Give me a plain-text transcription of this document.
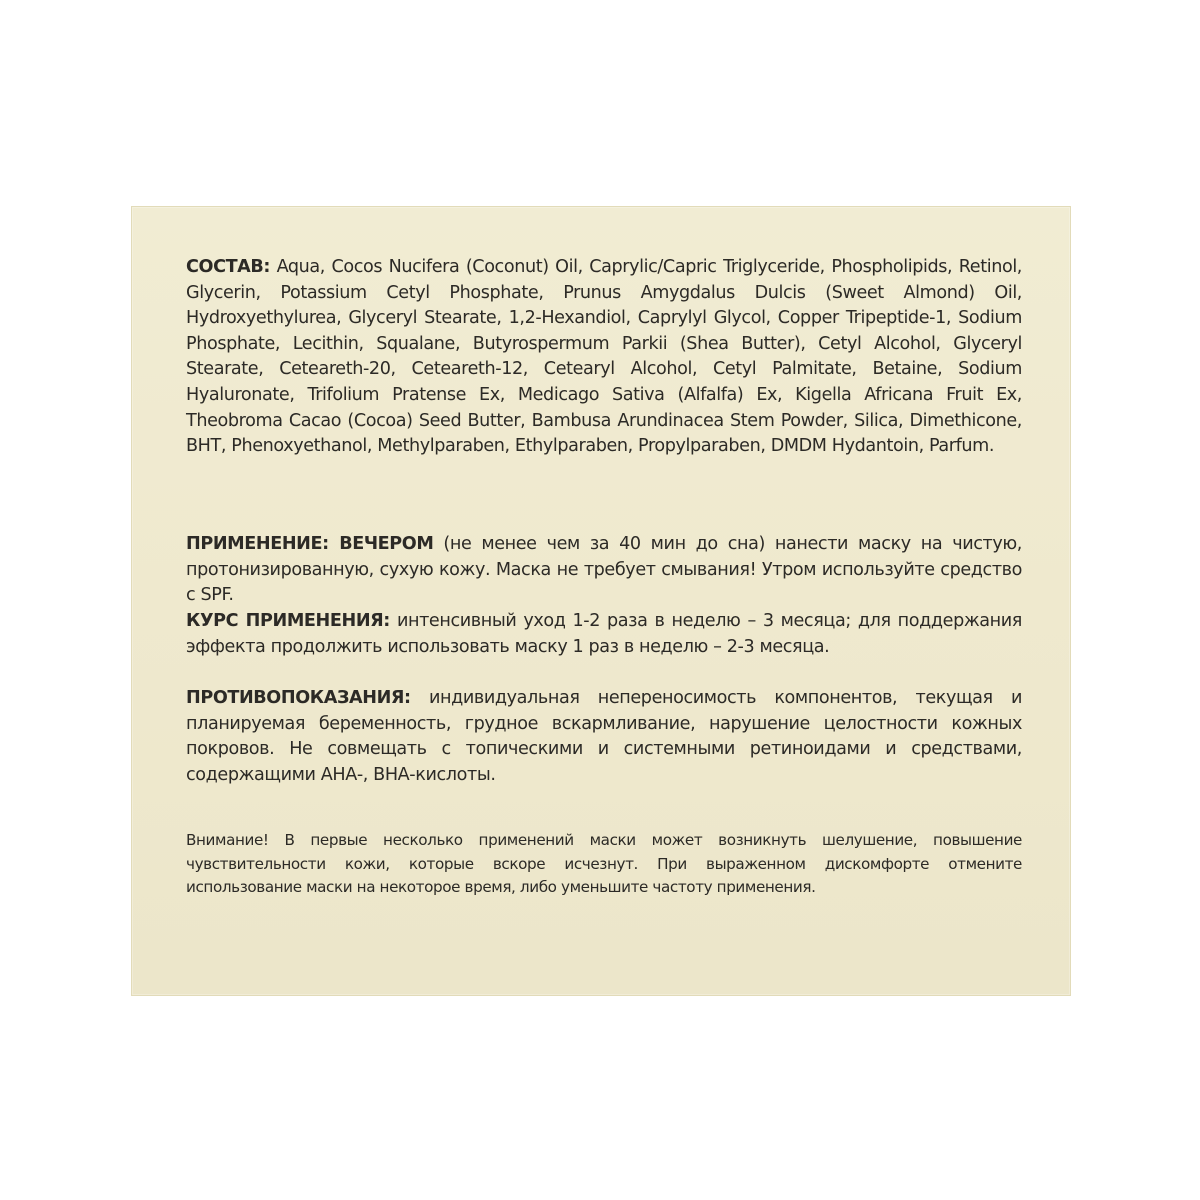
СОСТАВ: Aqua, Cocos Nucifera (Coconut) Oil, Caprylic/Capric Triglyceride, Phospholipids, Retinol, Glycerin, Potassium Cetyl Phosphate, Prunus Amygdalus Dulcis (Sweet Almond) Oil, Hydroxyethylurea, Glyceryl Stearate, 1,2-Hexandiol, Caprylyl Glycol, Copper Tripeptide-1, Sodium Phosphate, Lecithin, Squalane, Butyrospermum Parkii (Shea Butter), Cetyl Alcohol, Glyceryl Stearate, Ceteareth-20, Ceteareth-12, Cetearyl Alcohol, Cetyl Palmitate, Betaine, Sodium Hyaluronate, Trifolium Pratense Ex, Medicago Sativa (Alfalfa) Ex, Kigella Africana Fruit Ex, Theobroma Cacao (Cocoa) Seed Butter, Bambusa Arundinacea Stem Powder, Silica, Dimethicone, BHT, Phenoxyethanol, Methylparaben, Ethylparaben, Propylparaben, DMDM Hydantoin, Parfum.
ПРИМЕНЕНИЕ: ВЕЧЕРОМ (не менее чем за 40 мин до сна) нанести маску на чистую, протонизированную, сухую кожу. Маска не требует смывания! Утром используйте средство с SPF.
КУРС ПРИМЕНЕНИЯ: интенсивный уход 1-2 раза в неделю – 3 месяца; для поддержания эффекта продолжить использовать маску 1 раз в неделю – 2-3 месяца.
ПРОТИВОПОКАЗАНИЯ: индивидуальная непереносимость компонентов, текущая и планируемая беременность, грудное вскармливание, нарушение целостности кожных покровов. Не совмещать с топическими и системными ретиноидами и средствами, содержащими АНА-, ВНА-кислоты.
Внимание! В первые несколько применений маски может возникнуть шелушение, повышение чувствительности кожи, которые вскоре исчезнут. При выраженном дискомфорте отмените использование маски на некоторое время, либо уменьшите частоту применения.
